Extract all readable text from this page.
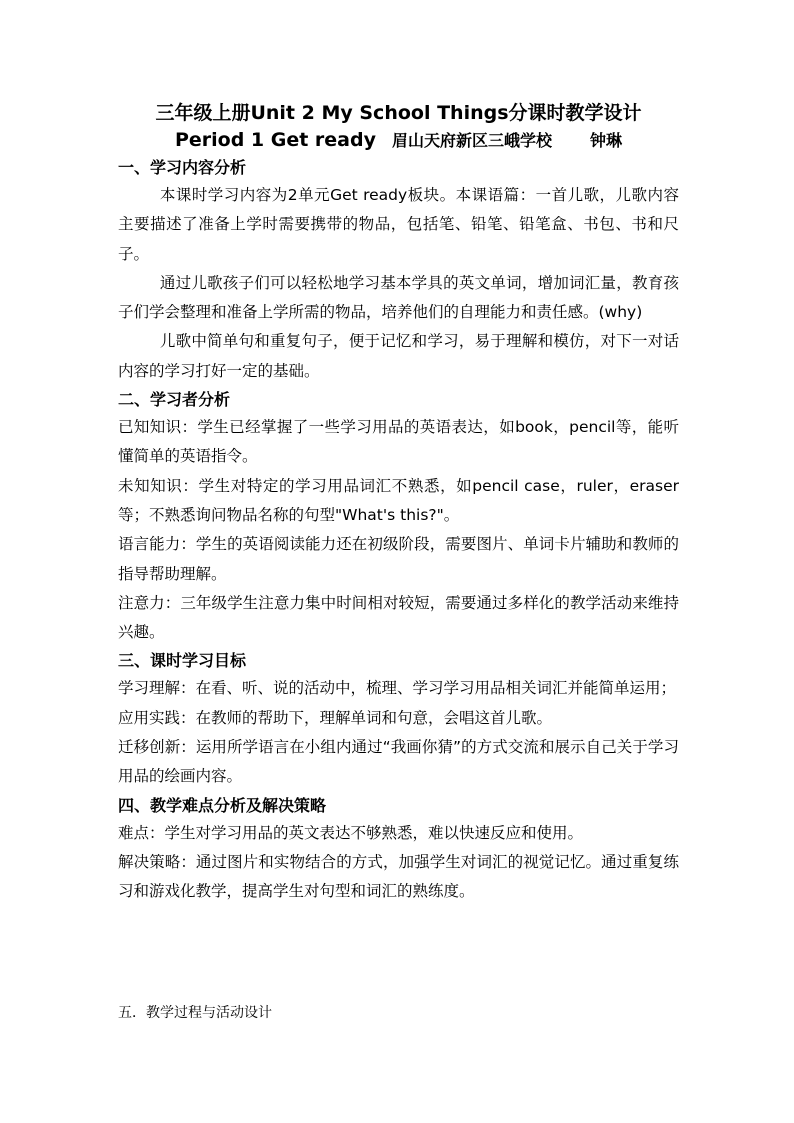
三年级上册Unit 2 My School Things分课时教学设计

Period 1 Get ready 眉山天府新区三峨学校 钟琳

一、学习内容分析

本课时学习内容为2单元Get ready板块。本课语篇：一首儿歌，儿歌内容主要描述了准备上学时需要携带的物品，包括笔、铅笔、铅笔盒、书包、书和尺子。

通过儿歌孩子们可以轻松地学习基本学具的英文单词，增加词汇量，教育孩子们学会整理和准备上学所需的物品，培养他们的自理能力和责任感。(why)

儿歌中简单句和重复句子，便于记忆和学习，易于理解和模仿，对下一对话内容的学习打好一定的基础。

二、学习者分析

已知知识：学生已经掌握了一些学习用品的英语表达，如book，pencil等，能听懂简单的英语指令。

未知知识：学生对特定的学习用品词汇不熟悉，如pencil case，ruler，eraser等；不熟悉询问物品名称的句型"What's this?"。

语言能力：学生的英语阅读能力还在初级阶段，需要图片、单词卡片辅助和教师的指导帮助理解。

注意力：三年级学生注意力集中时间相对较短，需要通过多样化的教学活动来维持兴趣。

三、课时学习目标

学习理解：在看、听、说的活动中，梳理、学习学习用品相关词汇并能简单运用；

应用实践：在教师的帮助下，理解单词和句意，会唱这首儿歌。

迁移创新：运用所学语言在小组内通过“我画你猜”的方式交流和展示自己关于学习用品的绘画内容。

四、教学难点分析及解决策略

难点：学生对学习用品的英文表达不够熟悉，难以快速反应和使用。

解决策略：通过图片和实物结合的方式，加强学生对词汇的视觉记忆。通过重复练习和游戏化教学，提高学生对句型和词汇的熟练度。

五．教学过程与活动设计
